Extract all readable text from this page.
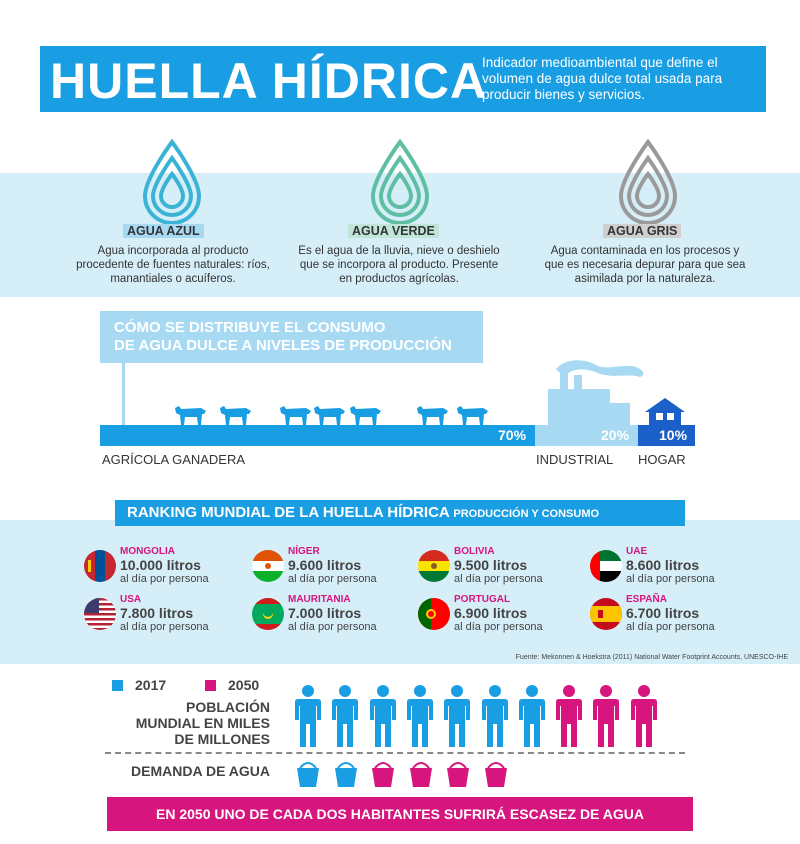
HUELLA HÍDRICA
Indicador medioambiental que define el volumen de agua dulce total usada para producir bienes y servicios.
AGUA AZUL
Agua incorporada al producto procedente de fuentes naturales: ríos, manantiales o acuíferos.
AGUA VERDE
Es el agua de la lluvia, nieve o deshielo que se incorpora al producto. Presente en productos agrícolas.
AGUA GRIS
Agua contaminada en los procesos y que es necesaria depurar para que sea asimilada por la naturaleza.
CÓMO SE DISTRIBUYE EL CONSUMO
DE AGUA DULCE A NIVELES DE PRODUCCIÓN
70%	20% 10%
AGRÍCOLA GANADERA	INDUSTRIAL HOGAR
RANKING MUNDIAL DE LA HUELLA HÍDRICA PRODUCCIÓN Y CONSUMO
MONGOLIA
10.000 litros
al día por persona
NÍGER
9.600 litros
al día por persona
BOLIVIA
9.500 litros
al día por persona
UAE
8.600 litros
al día por persona
USA
7.800 litros
al día por persona
MAURITANIA
7.000 litros
al día por persona
PORTUGAL
6.900 litros
al día por persona
ESPAÑA
6.700 litros
al día por persona
Fuente: Mekonnen & Hoekstra (2011) National Water Footprint Accounts, UNESCO-IHE
2017	2050
POBLACIÓN
MUNDIAL EN MILES
DE MILLONES
DEMANDA DE AGUA
EN 2050 UNO DE CADA DOS HABITANTES SUFRIRÁ ESCASEZ DE AGUA
